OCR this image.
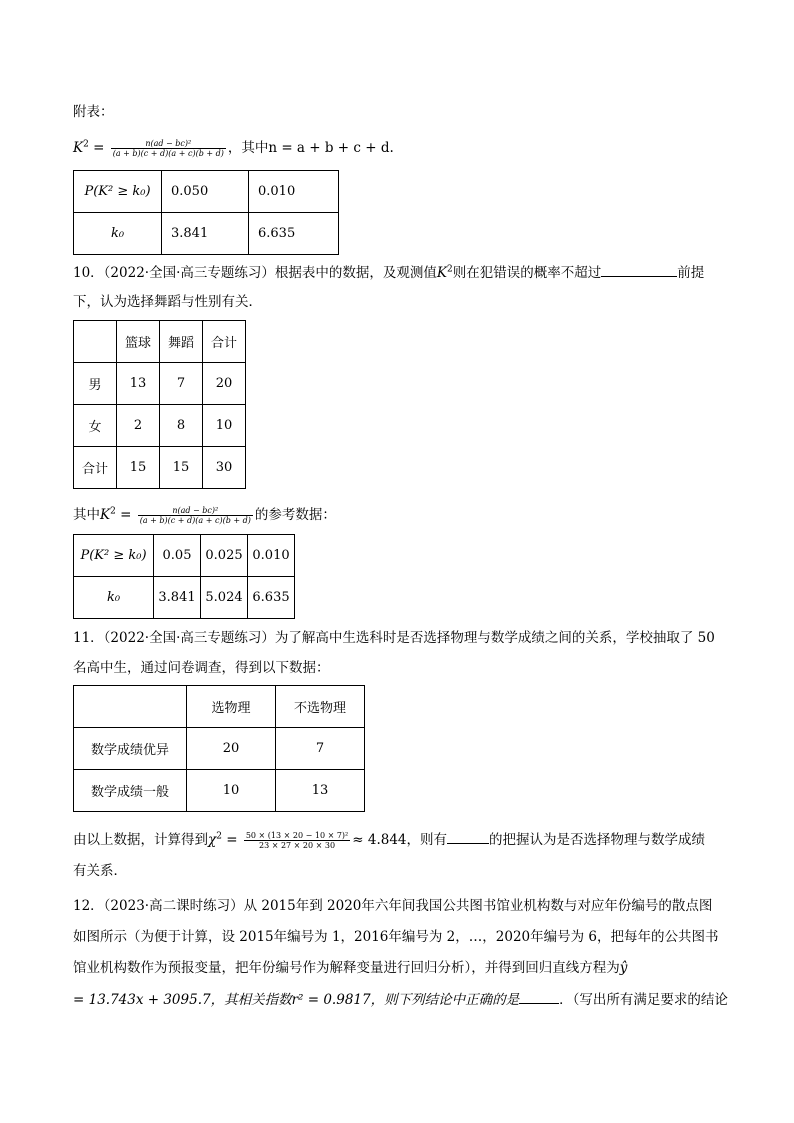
附表：
$K^2 = \frac{\text{n(ad − bc)²}}{(a + b)(c + d)(a + c)(b + d)}$ ，其中n = a + b + c + d.
P(K² ≥ k₀)	0.050	0.010
k₀	3.841	6.635
10．（2022·全国·高三专题练习）根据表中的数据，及观测值$K^2$则在犯错误的概率不超过	前提
下，认为选择舞蹈与性别有关．
	篮球	舞蹈	合计
男	13	7	20
女	2	8	10
合计	15	15	30
其中$K^2 = \frac{\text{n(ad − bc)²}}{(a + b)(c + d)(a + c)(b + d)}$ 的参考数据：
P(K² ≥ k₀)	0.05	0.025	0.010
k₀	3.841	5.024	6.635
11．（2022·全国·高三专题练习）为了解高中生选科时是否选择物理与数学成绩之间的关系，学校抽取了 50
名高中生，通过问卷调查，得到以下数据：
	选物理	不选物理
数学成绩优异	20	7
数学成绩一般	10	13
由以上数据，计算得到$\chi^2 = \frac{\text{50 × (13 × 20 − 10 × 7)²}}{23 \times 27 \times 20 \times 30} \approx 4.844$，则有	的把握认为是否选择物理与数学成绩
有关系．
12．（2023·高二课时练习）从 2015年到 2020年六年间我国公共图书馆业机构数与对应年份编号的散点图
如图所示（为便于计算，设 2015年编号为 1，2016年编号为 2，…，2020年编号为 6，把每年的公共图书
馆业机构数作为预报变量，把年份编号作为解释变量进行回归分析），并得到回归直线方程为ŷ
= 13.743x + 3095.7，其相关指数r² = 0.9817，则下列结论中正确的是	．（写出所有满足要求的结论
